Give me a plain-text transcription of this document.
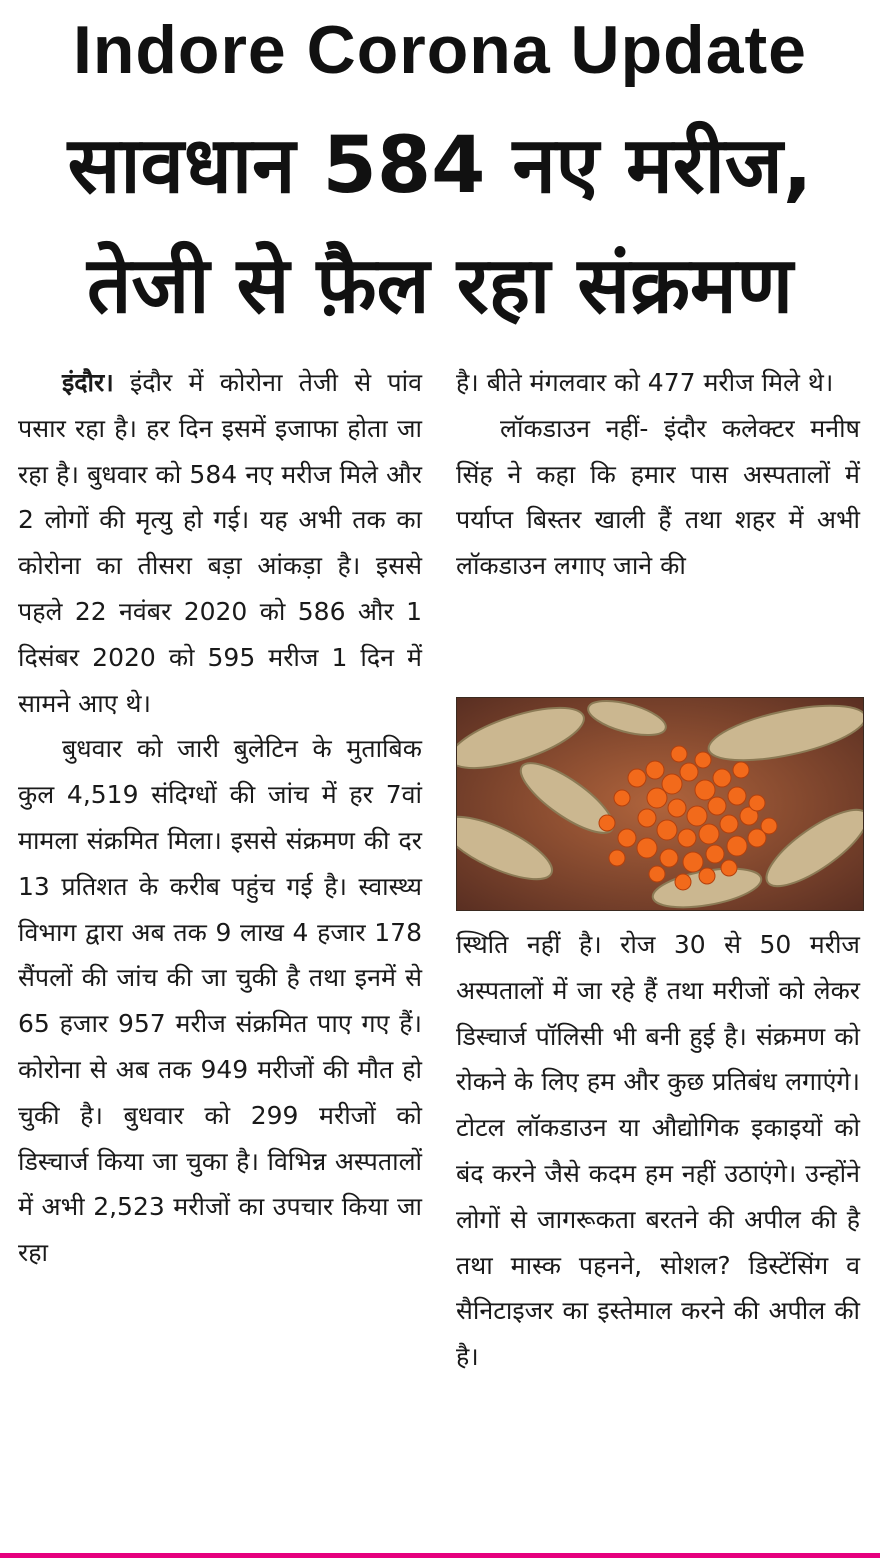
Indore Corona Update
सावधान 584 नए मरीज,
तेजी से फ़ैल रहा संक्रमण

इंदौर। इंदौर में कोरोना तेजी से पांव पसार रहा है। हर दिन इसमें इजाफा होता जा रहा है। बुधवार को 584 नए मरीज मिले और 2 लोगों की मृत्यु हो गई। यह अभी तक का कोरोना का तीसरा बड़ा आंकड़ा है। इससे पहले 22 नवंबर 2020 को 586 और 1 दिसंबर 2020 को 595 मरीज 1 दिन में सामने आए थे।

बुधवार को जारी बुलेटिन के मुताबिक कुल 4,519 संदिग्धों की जांच में हर 7वां मामला संक्रमित मिला। इससे संक्रमण की दर 13 प्रतिशत के करीब पहुंच गई है। स्वास्थ्य विभाग द्वारा अब तक 9 लाख 4 हजार 178 सैंपलों की जांच की जा चुकी है तथा इनमें से 65 हजार 957 मरीज संक्रमित पाए गए हैं। कोरोना से अब तक 949 मरीजों की मौत हो चुकी है। बुधवार को 299 मरीजों को डिस्चार्ज किया जा चुका है। विभिन्न अस्पतालों में अभी 2,523 मरीजों का उपचार किया जा रहा

है। बीते मंगलवार को 477 मरीज मिले थे।

लॉकडाउन नहीं- इंदौर कलेक्टर मनीष सिंह ने कहा कि हमार पास अस्पतालों में पर्याप्त बिस्तर खाली हैं तथा शहर में अभी लॉकडाउन लगाए जाने की

स्थिति नहीं है। रोज 30 से 50 मरीज अस्पतालों में जा रहे हैं तथा मरीजों को लेकर डिस्चार्ज पॉलिसी भी बनी हुई है। संक्रमण को रोकने के लिए हम और कुछ प्रतिबंध लगाएंगे। टोटल लॉकडाउन या औद्योगिक इकाइयों को बंद करने जैसे कदम हम नहीं उठाएंगे। उन्होंने लोगों से जागरूकता बरतने की अपील की है तथा मास्क पहनने, सोशल? डिस्टेंसिंग व सैनिटाइजर का इस्तेमाल करने की अपील की है।
